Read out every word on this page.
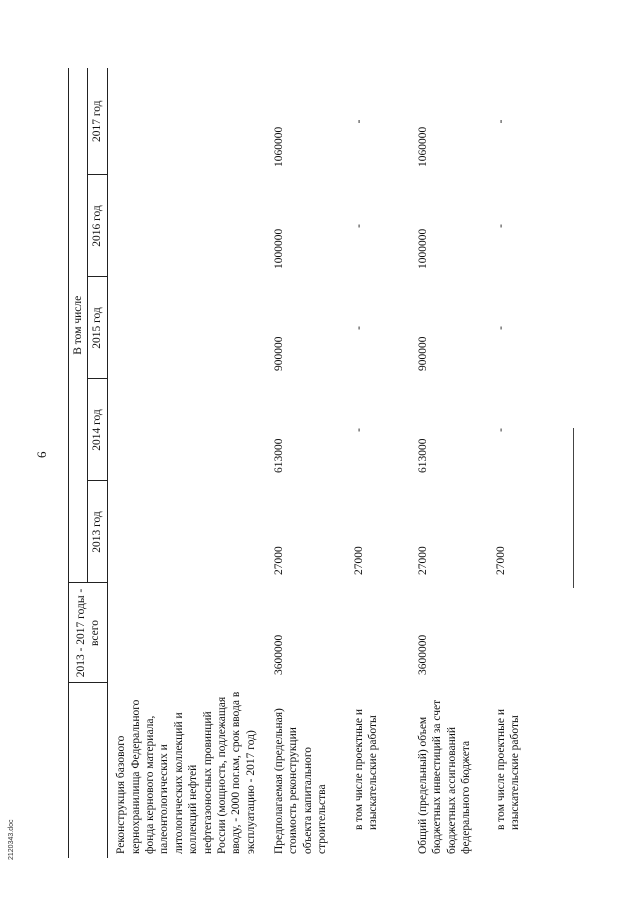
6
	2013 - 2017 годы - всего	В том числе				
		2013 год	2014 год	2015 год	2016 год	2017 год

Реконструкция базового кернохранилища Федерального фонда кернового материала, палеонтологических и литологических коллекций и коллекций нефтей нефтегазоносных провинций России (мощность, подлежащая вводу, - 2000 пог.км, срок ввода в эксплуатацию - 2017 год)						
Предполагаемая (предельная) стоимость реконструкции объекта капитального строительства	3600000	27000	613000	900000	1000000	1060000
в том числе проектные и изыскательские работы		27000	-	-	-	-
Общий (предельный) объем бюджетных инвестиций за счет бюджетных ассигнований федерального бюджета	3600000	27000	613000	900000	1000000	1060000
в том числе проектные и изыскательские работы		27000	-	-	-	-
2120343.doc
